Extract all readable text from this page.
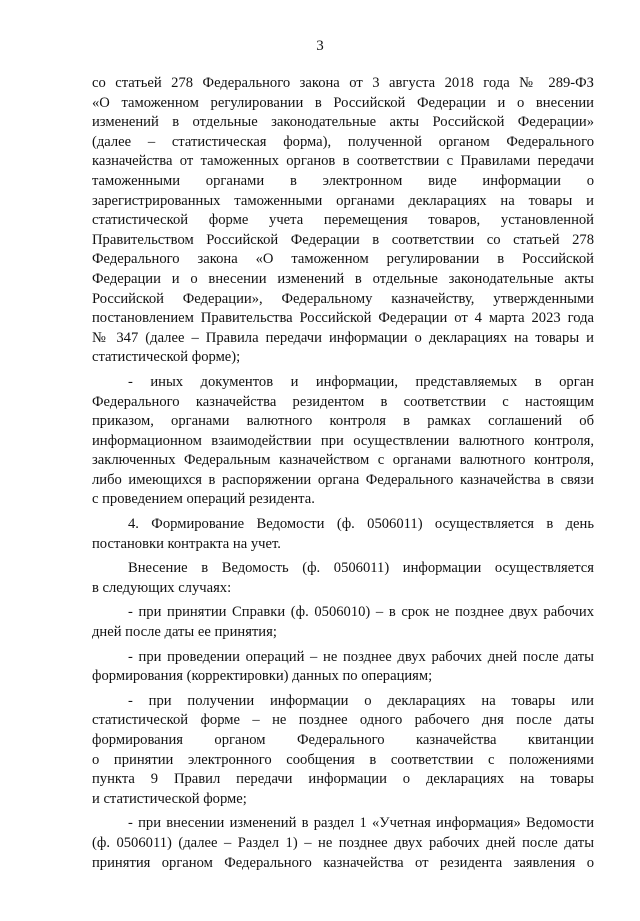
3
со статьей 278 Федерального закона от 3 августа 2018 года № 289-ФЗ
«О таможенном регулировании в Российской Федерации и о внесении
изменений в отдельные законодательные акты Российской Федерации»
(далее – статистическая форма), полученной органом Федерального
казначейства от таможенных органов в соответствии с Правилами передачи
таможенными органами в электронном виде информации о
зарегистрированных таможенными органами декларациях на товары и
статистической форме учета перемещения товаров, установленной
Правительством Российской Федерации в соответствии со статьей 278
Федерального закона «О таможенном регулировании в Российской
Федерации и о внесении изменений в отдельные законодательные акты
Российской Федерации», Федеральному казначейству, утвержденными
постановлением Правительства Российской Федерации от 4 марта 2023 года
№ 347 (далее – Правила передачи информации о декларациях на товары и
статистической форме);
- иных документов и информации, представляемых в орган
Федерального казначейства резидентом в соответствии с настоящим
приказом, органами валютного контроля в рамках соглашений об
информационном взаимодействии при осуществлении валютного контроля,
заключенных Федеральным казначейством с органами валютного контроля,
либо имеющихся в распоряжении органа Федерального казначейства в связи
с проведением операций резидента.
4. Формирование Ведомости (ф. 0506011) осуществляется в день
постановки контракта на учет.
Внесение в Ведомость (ф. 0506011) информации осуществляется
в следующих случаях:
- при принятии Справки (ф. 0506010) – в срок не позднее двух рабочих
дней после даты ее принятия;
- при проведении операций – не позднее двух рабочих дней после даты
формирования (корректировки) данных по операциям;
- при получении информации о декларациях на товары или
статистической форме – не позднее одного рабочего дня после даты
формирования органом Федерального казначейства квитанции
о принятии электронного сообщения в соответствии с положениями
пункта 9 Правил передачи информации о декларациях на товары
и статистической форме;
- при внесении изменений в раздел 1 «Учетная информация» Ведомости
(ф. 0506011) (далее – Раздел 1) – не позднее двух рабочих дней после даты
принятия органом Федерального казначейства от резидента заявления о
